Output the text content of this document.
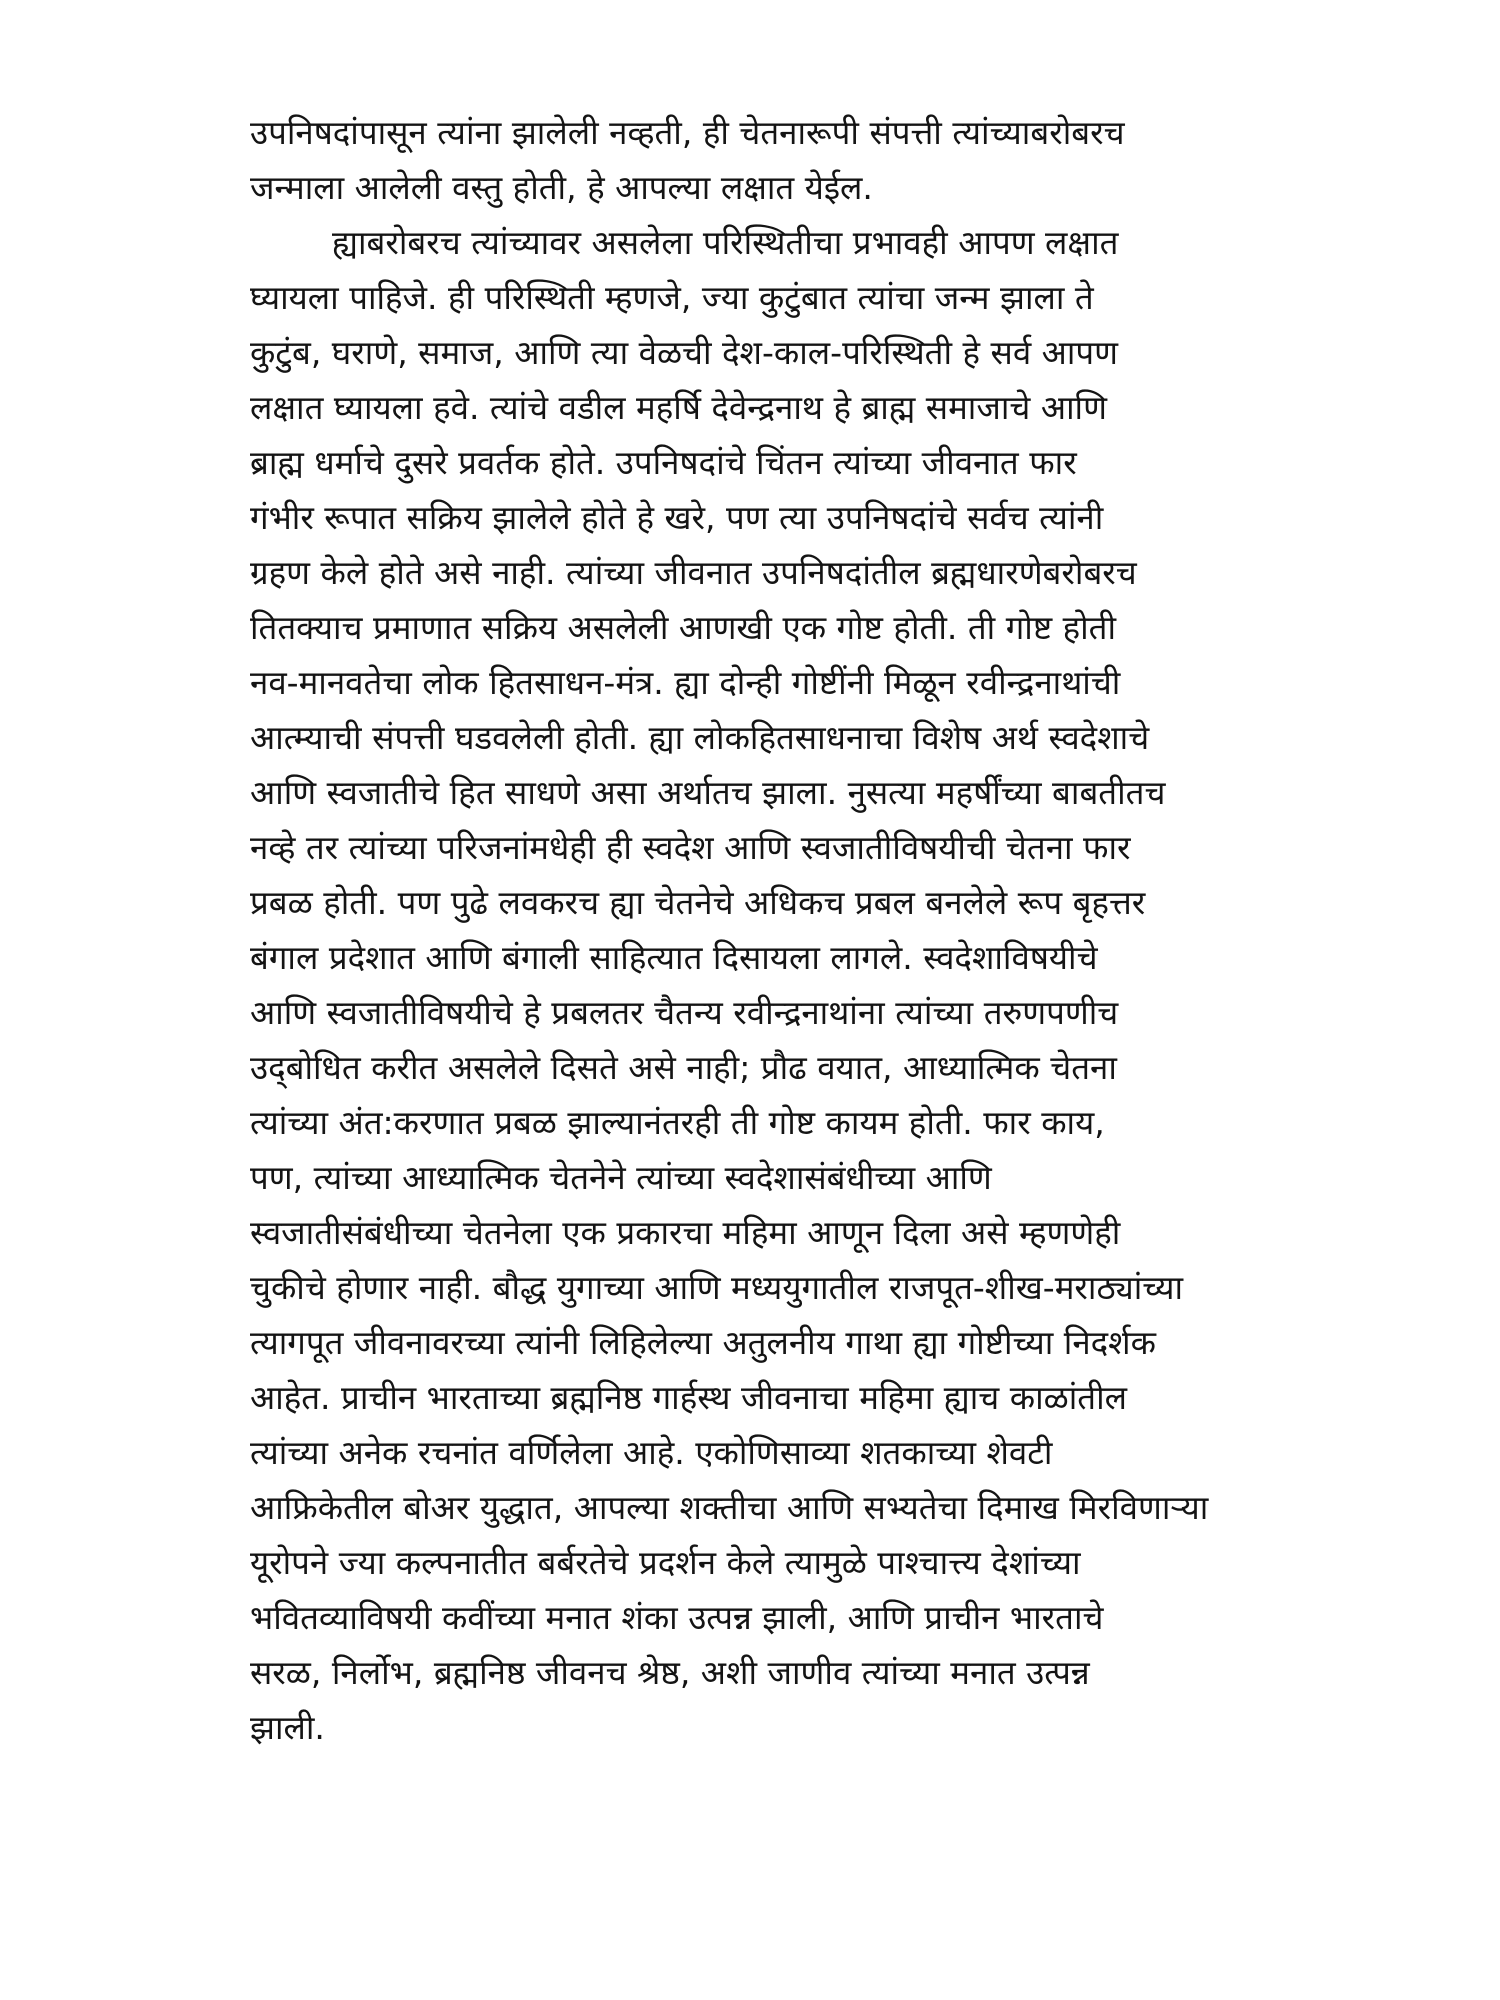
उपनिषदांपासून त्यांना झालेली नव्हती, ही चेतनारूपी संपत्ती त्यांच्याबरोबरच
जन्माला आलेली वस्तु होती, हे आपल्या लक्षात येईल.
ह्याबरोबरच त्यांच्यावर असलेला परिस्थितीचा प्रभावही आपण लक्षात
घ्यायला पाहिजे. ही परिस्थिती म्हणजे, ज्या कुटुंबात त्यांचा जन्म झाला ते
कुटुंब, घराणे, समाज, आणि त्या वेळची देश-काल-परिस्थिती हे सर्व आपण
लक्षात घ्यायला हवे. त्यांचे वडील महर्षि देवेन्द्रनाथ हे ब्राह्म समाजाचे आणि
ब्राह्म धर्माचे दुसरे प्रवर्तक होते. उपनिषदांचे चिंतन त्यांच्या जीवनात फार
गंभीर रूपात सक्रिय झालेले होते हे खरे, पण त्या उपनिषदांचे सर्वच त्यांनी
ग्रहण केले होते असे नाही. त्यांच्या जीवनात उपनिषदांतील ब्रह्मधारणेबरोबरच
तितक्याच प्रमाणात सक्रिय असलेली आणखी एक गोष्ट होती. ती गोष्ट होती
नव-मानवतेचा लोक हितसाधन-मंत्र. ह्या दोन्ही गोष्टींनी मिळून रवीन्द्रनाथांची
आत्म्याची संपत्ती घडवलेली होती. ह्या लोकहितसाधनाचा विशेष अर्थ स्वदेशाचे
आणि स्वजातीचे हित साधणे असा अर्थातच झाला. नुसत्या महर्षींच्या बाबतीतच
नव्हे तर त्यांच्या परिजनांमधेही ही स्वदेश आणि स्वजातीविषयीची चेतना फार
प्रबळ होती. पण पुढे लवकरच ह्या चेतनेचे अधिकच प्रबल बनलेले रूप बृहत्तर
बंगाल प्रदेशात आणि बंगाली साहित्यात दिसायला लागले. स्वदेशाविषयीचे
आणि स्वजातीविषयीचे हे प्रबलतर चैतन्य रवीन्द्रनाथांना त्यांच्या तरुणपणीच
उद्‌बोधित करीत असलेले दिसते असे नाही; प्रौढ वयात, आध्यात्मिक चेतना
त्यांच्या अंत:करणात प्रबळ झाल्यानंतरही ती गोष्ट कायम होती. फार काय,
पण, त्यांच्या आध्यात्मिक चेतनेने त्यांच्या स्वदेशासंबंधीच्या आणि
स्वजातीसंबंधीच्या चेतनेला एक प्रकारचा महिमा आणून दिला असे म्हणणेही
चुकीचे होणार नाही. बौद्ध युगाच्या आणि मध्ययुगातील राजपूत-शीख-मराठ्यांच्या
त्यागपूत जीवनावरच्या त्यांनी लिहिलेल्या अतुलनीय गाथा ह्या गोष्टीच्या निदर्शक
आहेत. प्राचीन भारताच्या ब्रह्मनिष्ठ गार्हस्थ जीवनाचा महिमा ह्याच काळांतील
त्यांच्या अनेक रचनांत वर्णिलेला आहे. एकोणिसाव्या शतकाच्या शेवटी
आफ्रिकेतील बोअर युद्धात, आपल्या शक्तीचा आणि सभ्यतेचा दिमाख मिरविणाऱ्या
यूरोपने ज्या कल्पनातीत बर्बरतेचे प्रदर्शन केले त्यामुळे पाश्चात्त्य देशांच्या
भवितव्याविषयी कवींच्या मनात शंका उत्पन्न झाली, आणि प्राचीन भारताचे
सरळ, निर्लोभ, ब्रह्मनिष्ठ जीवनच श्रेष्ठ, अशी जाणीव त्यांच्या मनात उत्पन्न
झाली.
